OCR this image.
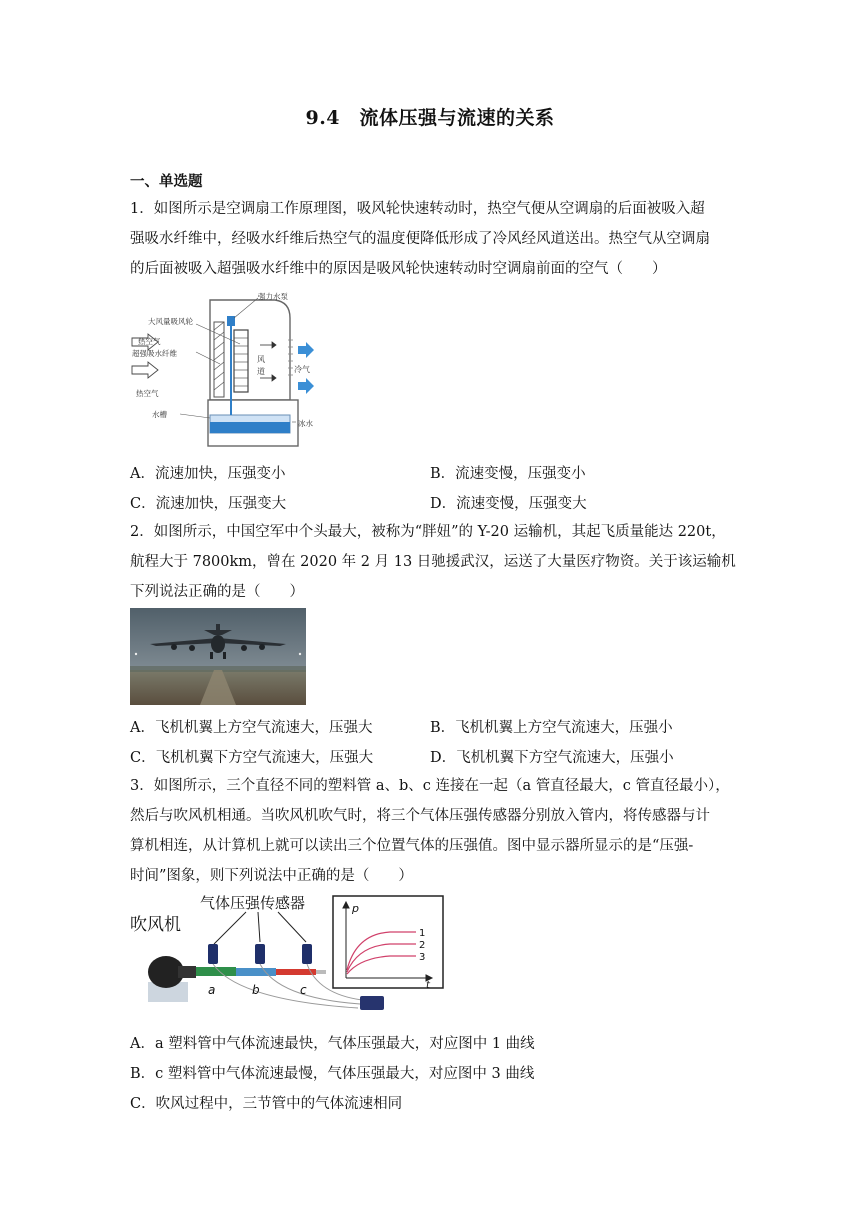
9.4　流体压强与流速的关系
一、单选题
1．如图所示是空调扇工作原理图，吸风轮快速转动时，热空气便从空调扇的后面被吸入超
强吸水纤维中，经吸水纤维后热空气的温度便降低形成了冷风经风道送出。热空气从空调扇
的后面被吸入超强吸水纤维中的原因是吸风轮快速转动时空调扇前面的空气（　　）
强力水泵
大风量吸风轮
热空气
超强吸水纤维
热空气
水槽
风
道	冷气
冰水
A．流速加快，压强变小	B．流速变慢，压强变小
C．流速加快，压强变大	D．流速变慢，压强变大
2．如图所示，中国空军中个头最大，被称为“胖妞”的 Y-20 运输机，其起飞质量能达 220t，
航程大于 7800km，曾在 2020 年 2 月 13 日驰援武汉，运送了大量医疗物资。关于该运输机
下列说法正确的是（　　）
A．飞机机翼上方空气流速大，压强大	B．飞机机翼上方空气流速大，压强小
C．飞机机翼下方空气流速大，压强大	D．飞机机翼下方空气流速大，压强小
3．如图所示，三个直径不同的塑料管 a、b、c 连接在一起（a 管直径最大，c 管直径最小），
然后与吹风机相通。当吹风机吹气时，将三个气体压强传感器分别放入管内，将传感器与计
算机相连，从计算机上就可以读出三个位置气体的压强值。图中显示器所显示的是“压强-
时间”图象，则下列说法中正确的是（　　）
吹风机
气体压强传感器
a	b	c
p
t
1
2
3
A．a 塑料管中气体流速最快，气体压强最大，对应图中 1 曲线
B．c 塑料管中气体流速最慢，气体压强最大，对应图中 3 曲线
C．吹风过程中，三节管中的气体流速相同
